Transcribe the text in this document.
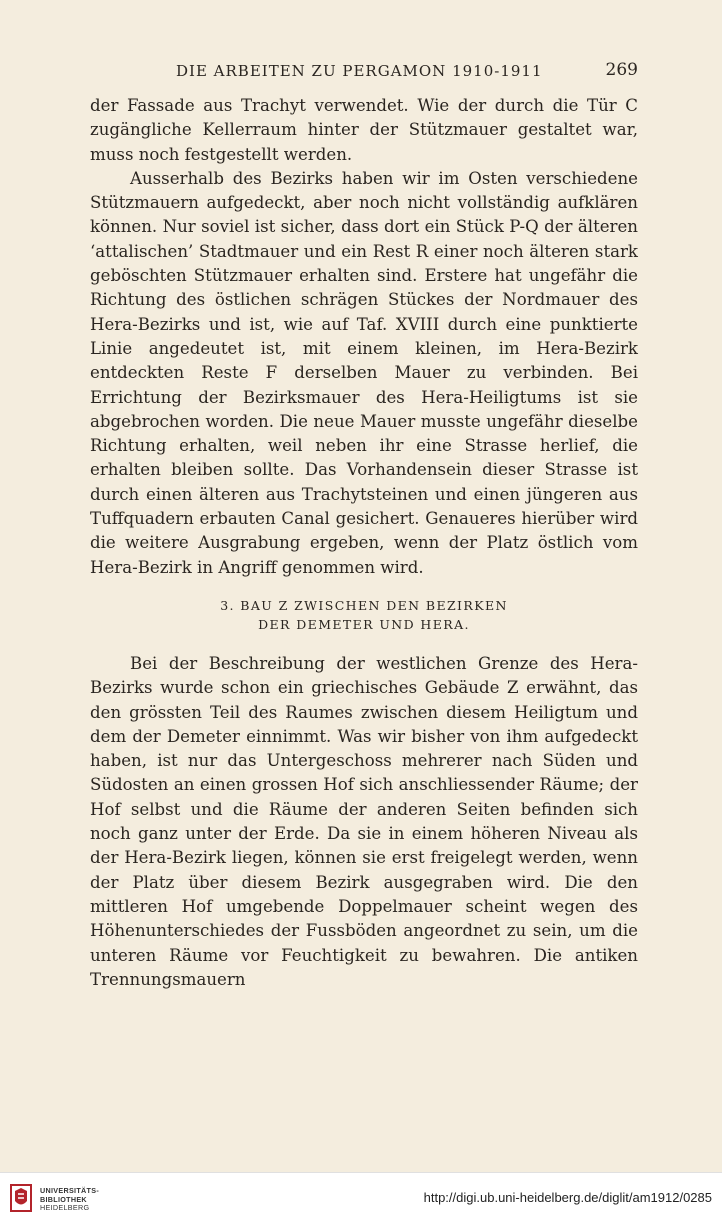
DIE ARBEITEN ZU PERGAMON 1910-1911	269

der Fassade aus Trachyt verwendet. Wie der durch die Tür C zugängliche Kellerraum hinter der Stützmauer gestaltet war, muss noch festgestellt werden.

Ausserhalb des Bezirks haben wir im Osten verschiedene Stützmauern aufgedeckt, aber noch nicht vollständig aufklären können. Nur soviel ist sicher, dass dort ein Stück P-Q der älteren ‘attalischen’ Stadtmauer und ein Rest R einer noch älteren stark geböschten Stützmauer erhalten sind. Erstere hat ungefähr die Richtung des östlichen schrägen Stückes der Nordmauer des Hera-Bezirks und ist, wie auf Taf. XVIII durch eine punktierte Linie angedeutet ist, mit einem kleinen, im Hera-Bezirk entdeckten Reste F derselben Mauer zu verbinden. Bei Errichtung der Bezirksmauer des Hera-Heiligtums ist sie abgebrochen worden. Die neue Mauer musste ungefähr dieselbe Richtung erhalten, weil neben ihr eine Strasse herlief, die erhalten bleiben sollte. Das Vorhandensein dieser Strasse ist durch einen älteren aus Trachytsteinen und einen jüngeren aus Tuffquadern erbauten Canal gesichert. Genaueres hierüber wird die weitere Ausgrabung ergeben, wenn der Platz östlich vom Hera-Bezirk in Angriff genommen wird.

3. BAU Z ZWISCHEN DEN BEZIRKEN
DER DEMETER UND HERA.

Bei der Beschreibung der westlichen Grenze des Hera-Bezirks wurde schon ein griechisches Gebäude Z erwähnt, das den grössten Teil des Raumes zwischen diesem Heiligtum und dem der Demeter einnimmt. Was wir bisher von ihm aufgedeckt haben, ist nur das Untergeschoss mehrerer nach Süden und Südosten an einen grossen Hof sich anschliessender Räume; der Hof selbst und die Räume der anderen Seiten befinden sich noch ganz unter der Erde. Da sie in einem höheren Niveau als der Hera-Bezirk liegen, können sie erst freigelegt werden, wenn der Platz über diesem Bezirk ausgegraben wird. Die den mittleren Hof umgebende Doppelmauer scheint wegen des Höhenunterschiedes der Fussböden angeordnet zu sein, um die unteren Räume vor Feuchtigkeit zu bewahren. Die antiken Trennungsmauern

UNIVERSITÄTS-
BIBLIOTHEK
HEIDELBERG
http://digi.ub.uni-heidelberg.de/diglit/am1912/0285
